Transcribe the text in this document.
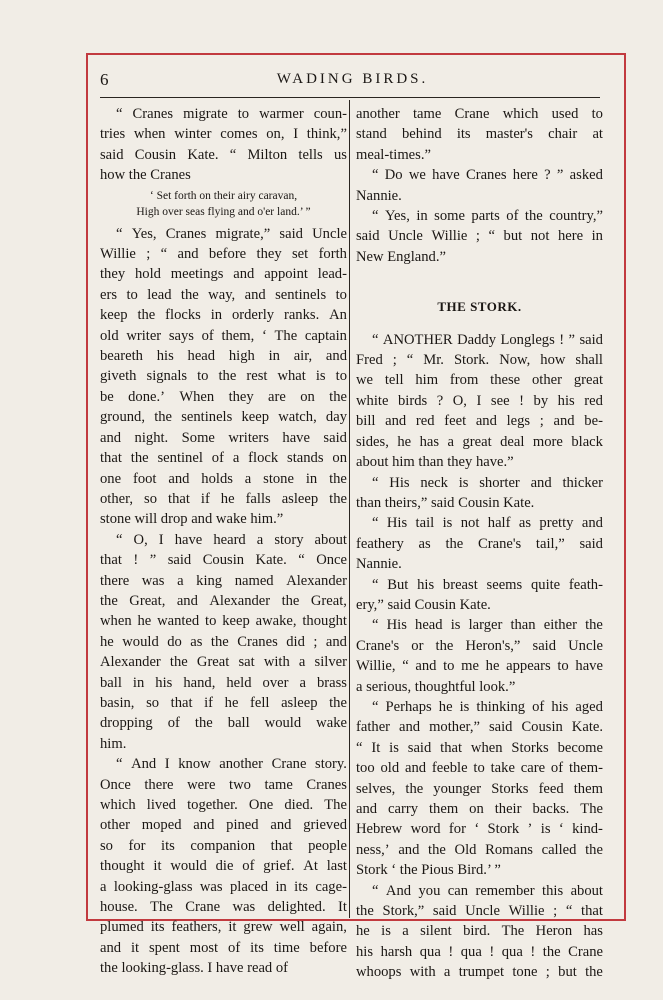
6	WADING BIRDS.

“ Cranes migrate to warmer coun-
tries when winter comes on, I think,”
said Cousin Kate. “ Milton tells us
how the Cranes

‘ Set forth on their airy caravan,
High over seas flying and o'er land.’ ”

“ Yes, Cranes migrate,” said Uncle
Willie ; “ and before they set forth
they hold meetings and appoint lead-
ers to lead the way, and sentinels to
keep the flocks in orderly ranks. An
old writer says of them, ‘ The captain
beareth his head high in air, and
giveth signals to the rest what is to
be done.’ When they are on the
ground, the sentinels keep watch, day
and night. Some writers have said
that the sentinel of a flock stands on
one foot and holds a stone in the
other, so that if he falls asleep the
stone will drop and wake him.”

“ O, I have heard a story about
that ! ” said Cousin Kate. “ Once
there was a king named Alexander
the Great, and Alexander the Great,
when he wanted to keep awake, thought
he would do as the Cranes did ; and
Alexander the Great sat with a silver
ball in his hand, held over a brass
basin, so that if he fell asleep the
dropping of the ball would wake
him.

“ And I know another Crane story.
Once there were two tame Cranes
which lived together. One died. The
other moped and pined and grieved
so for its companion that people
thought it would die of grief. At last
a looking-glass was placed in its cage-
house. The Crane was delighted. It
plumed its feathers, it grew well again,
and it spent most of its time before
the looking-glass. I have read of

another tame Crane which used to
stand behind its master's chair at
meal-times.”

“ Do we have Cranes here ? ” asked
Nannie.

“ Yes, in some parts of the country,”
said Uncle Willie ; “ but not here in
New England.”

THE STORK.

“ ANOTHER Daddy Longlegs ! ” said
Fred ; “ Mr. Stork. Now, how shall
we tell him from these other great
white birds ? O, I see ! by his red
bill and red feet and legs ; and be-
sides, he has a great deal more black
about him than they have.”

“ His neck is shorter and thicker
than theirs,” said Cousin Kate.

“ His tail is not half as pretty and
feathery as the Crane's tail,” said
Nannie.

“ But his breast seems quite feath-
ery,” said Cousin Kate.

“ His head is larger than either the
Crane's or the Heron's,” said Uncle
Willie, “ and to me he appears to have
a serious, thoughtful look.”

“ Perhaps he is thinking of his aged
father and mother,” said Cousin Kate.
“ It is said that when Storks become
too old and feeble to take care of them-
selves, the younger Storks feed them
and carry them on their backs. The
Hebrew word for ‘ Stork ’ is ‘ kind-
ness,’ and the Old Romans called the
Stork ‘ the Pious Bird.’ ”

“ And you can remember this about
the Stork,” said Uncle Willie ; “ that
he is a silent bird. The Heron has
his harsh qua ! qua ! qua ! the Crane
whoops with a trumpet tone ; but the
